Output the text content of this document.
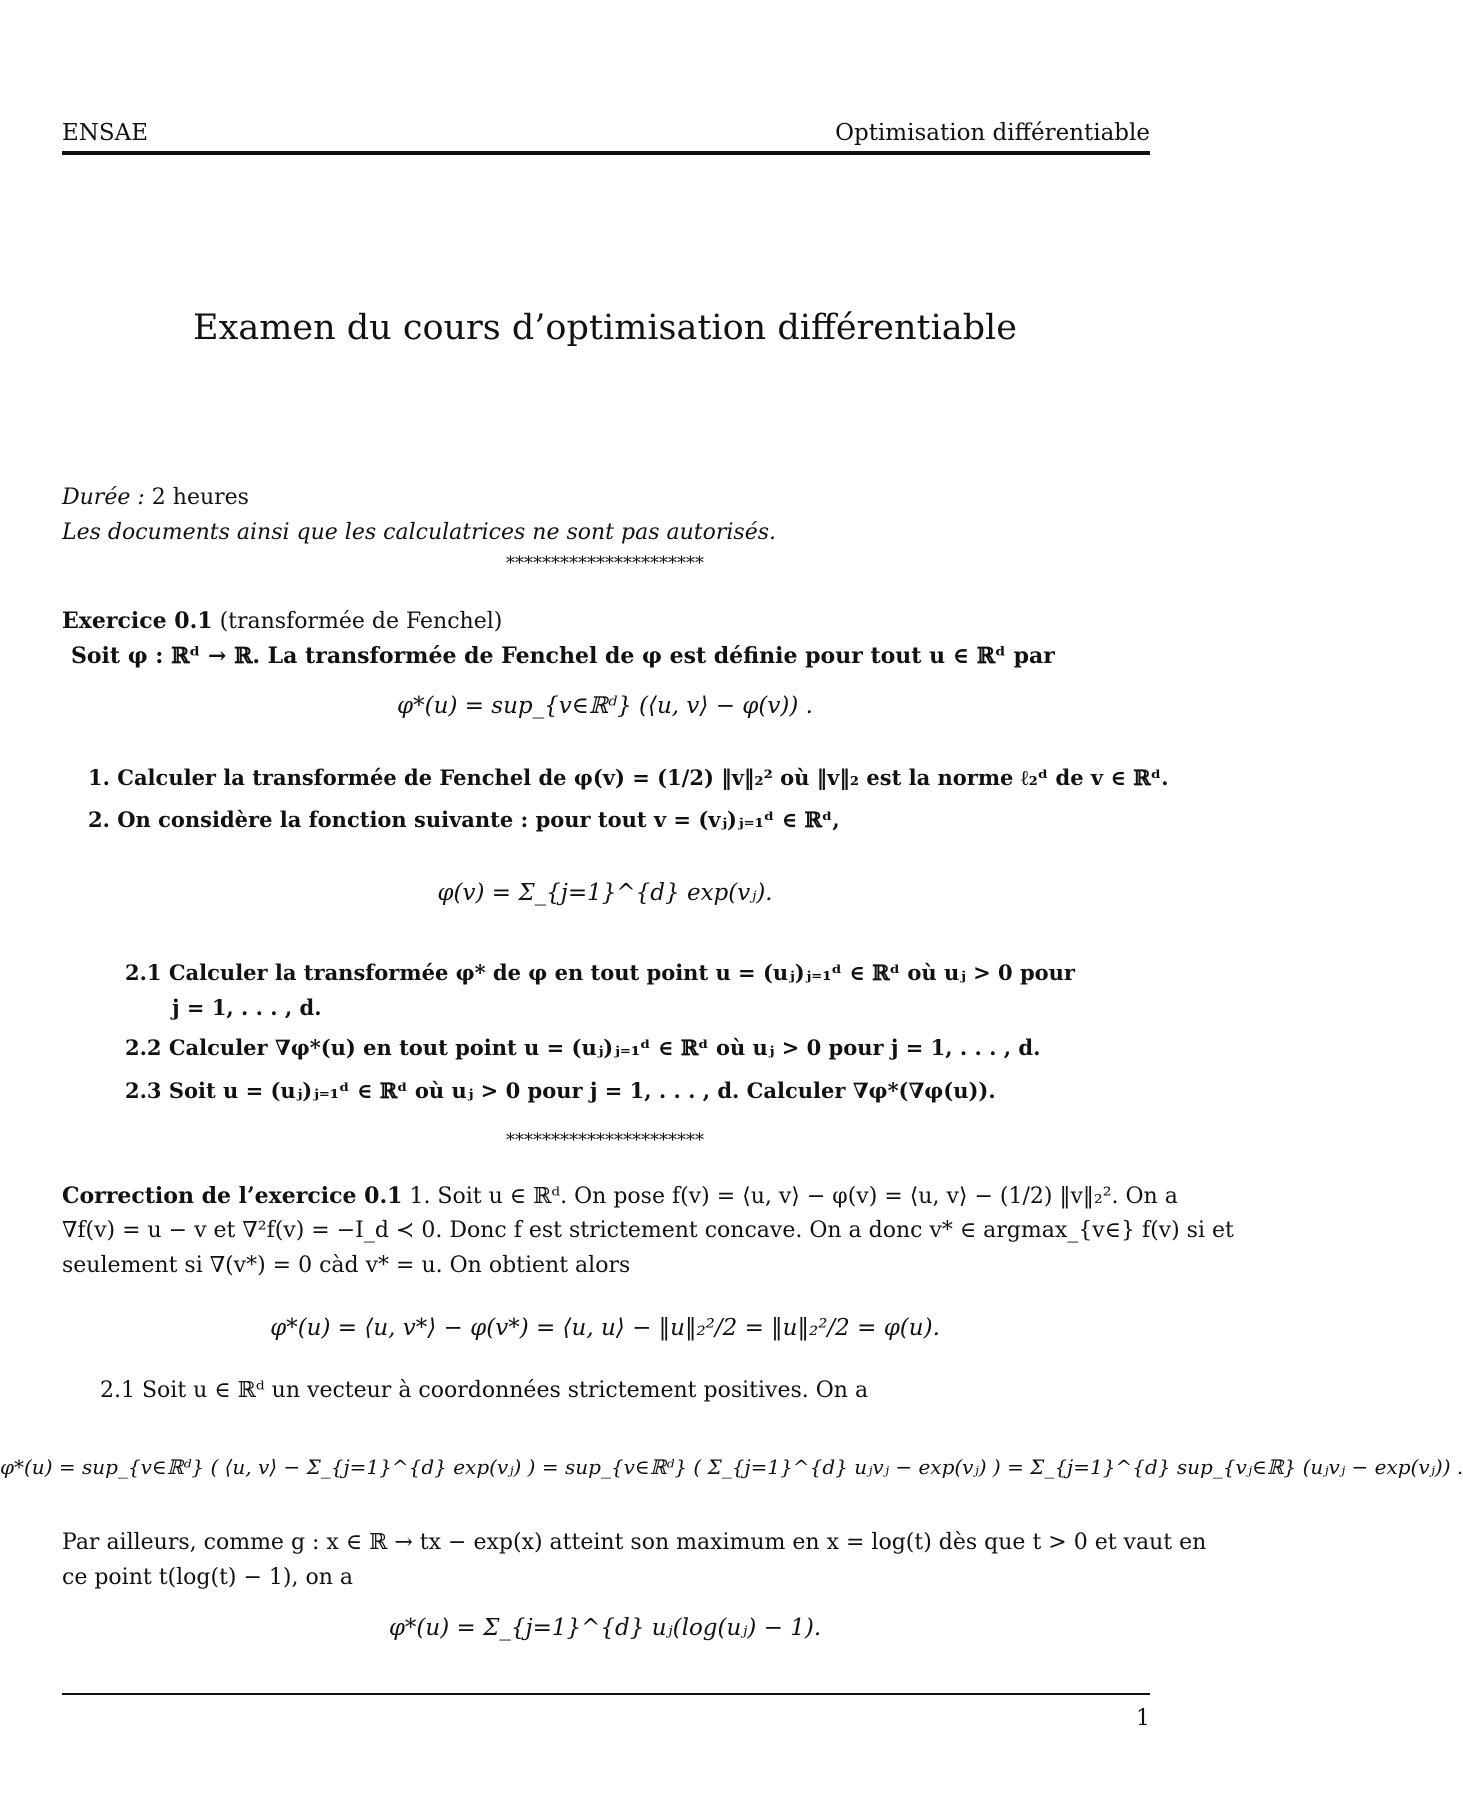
ENSAE	Optimisation différentiable
Examen du cours d’optimisation différentiable
Durée : 2 heures
Les documents ainsi que les calculatrices ne sont pas autorisés.
**********************
Exercice 0.1 (transformée de Fenchel)
Soit φ : ℝᵈ → ℝ. La transformée de Fenchel de φ est définie pour tout u ∈ ℝᵈ par
φ*(u) = sup_{v∈ℝᵈ} (⟨u, v⟩ − φ(v)) .
1. Calculer la transformée de Fenchel de φ(v) = (1/2) ‖v‖₂² où ‖v‖₂ est la norme ℓ₂ᵈ de v ∈ ℝᵈ.
2. On considère la fonction suivante : pour tout v = (vⱼ)ⱼ₌₁ᵈ ∈ ℝᵈ,
φ(v) = Σ_{j=1}^{d} exp(vⱼ).
2.1 Calculer la transformée φ* de φ en tout point u = (uⱼ)ⱼ₌₁ᵈ ∈ ℝᵈ où uⱼ > 0 pour
j = 1, . . . , d.
2.2 Calculer ∇φ*(u) en tout point u = (uⱼ)ⱼ₌₁ᵈ ∈ ℝᵈ où uⱼ > 0 pour j = 1, . . . , d.
2.3 Soit u = (uⱼ)ⱼ₌₁ᵈ ∈ ℝᵈ où uⱼ > 0 pour j = 1, . . . , d. Calculer ∇φ*(∇φ(u)).
**********************
Correction de l’exercice 0.1 1. Soit u ∈ ℝᵈ. On pose f(v) = ⟨u, v⟩ − φ(v) = ⟨u, v⟩ − (1/2) ‖v‖₂². On a
∇f(v) = u − v et ∇²f(v) = −I_d ≺ 0. Donc f est strictement concave. On a donc v* ∈ argmax_{v∈} f(v) si et
seulement si ∇(v*) = 0 càd v* = u. On obtient alors
φ*(u) = ⟨u, v*⟩ − φ(v*) = ⟨u, u⟩ − ‖u‖₂²/2 = ‖u‖₂²/2 = φ(u).
2.1 Soit u ∈ ℝᵈ un vecteur à coordonnées strictement positives. On a
φ*(u) = sup_{v∈ℝᵈ} ( ⟨u, v⟩ − Σ_{j=1}^{d} exp(vⱼ) ) = sup_{v∈ℝᵈ} ( Σ_{j=1}^{d} uⱼvⱼ − exp(vⱼ) ) = Σ_{j=1}^{d} sup_{vⱼ∈ℝ} (uⱼvⱼ − exp(vⱼ)) .
Par ailleurs, comme g : x ∈ ℝ → tx − exp(x) atteint son maximum en x = log(t) dès que t > 0 et vaut en
ce point t(log(t) − 1), on a
φ*(u) = Σ_{j=1}^{d} uⱼ(log(uⱼ) − 1).
1
